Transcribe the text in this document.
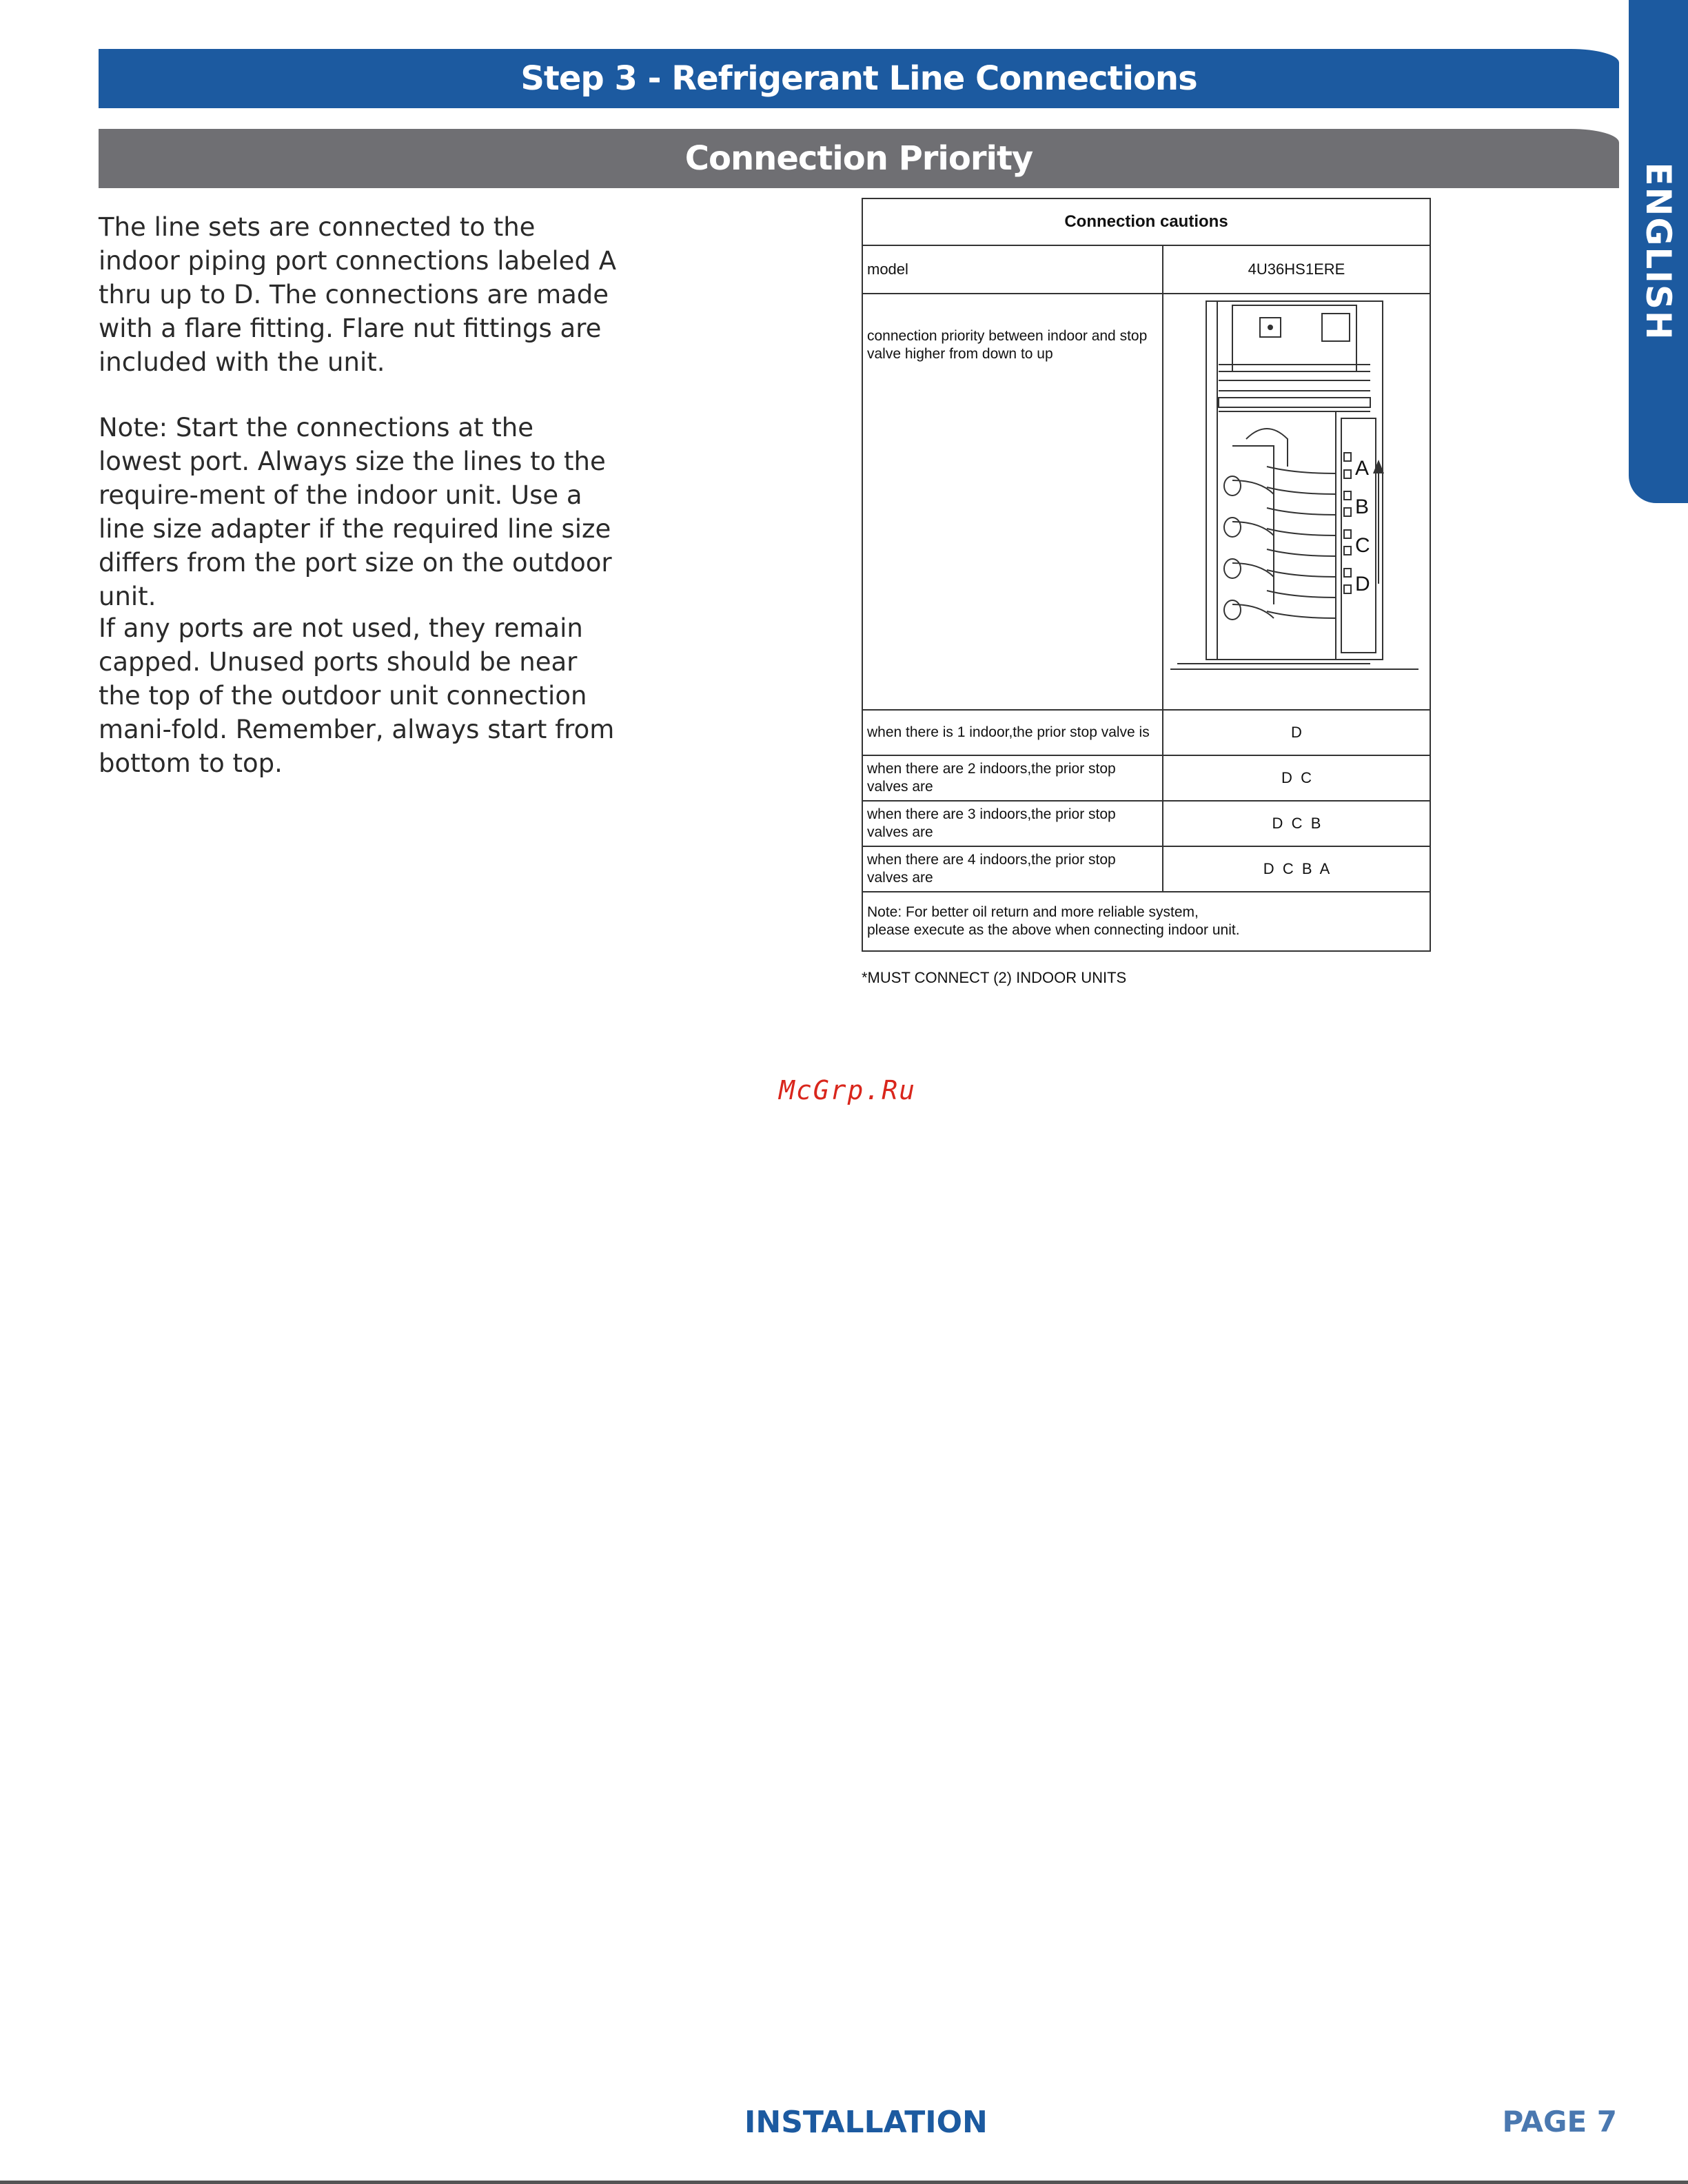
Step 3 - Refrigerant Line Connections
Connection Priority
ENGLISH

The line sets are connected to the indoor piping port connections labeled A thru up to D. The connections are made with a flare fitting. Flare nut fittings are included with the unit.

Note: Start the connections at the lowest port. Always size the lines to the require-ment of the indoor unit. Use a line size adapter if the required line size differs from the port size on the outdoor unit.

If any ports are not used, they remain capped. Unused ports should be near the top of the outdoor unit connection mani-fold. Remember, always start from bottom to top.

Connection cautions	
model	4U36HS1ERE
connection priority between indoor and stop valve higher from down to up	A
B
C
D

when there is 1 indoor,the prior stop valve is	D
when there are 2 indoors,the prior stop valves are	D  C
when there are 3 indoors,the prior stop valves are	D  C  B
when there are 4 indoors,the prior stop valves are	D  C  B  A

Note: For better oil return and more reliable system,
please execute as the above when connecting indoor unit.	
*MUST CONNECT (2) INDOOR UNITS
McGrp.Ru
INSTALLATION	PAGE 7
